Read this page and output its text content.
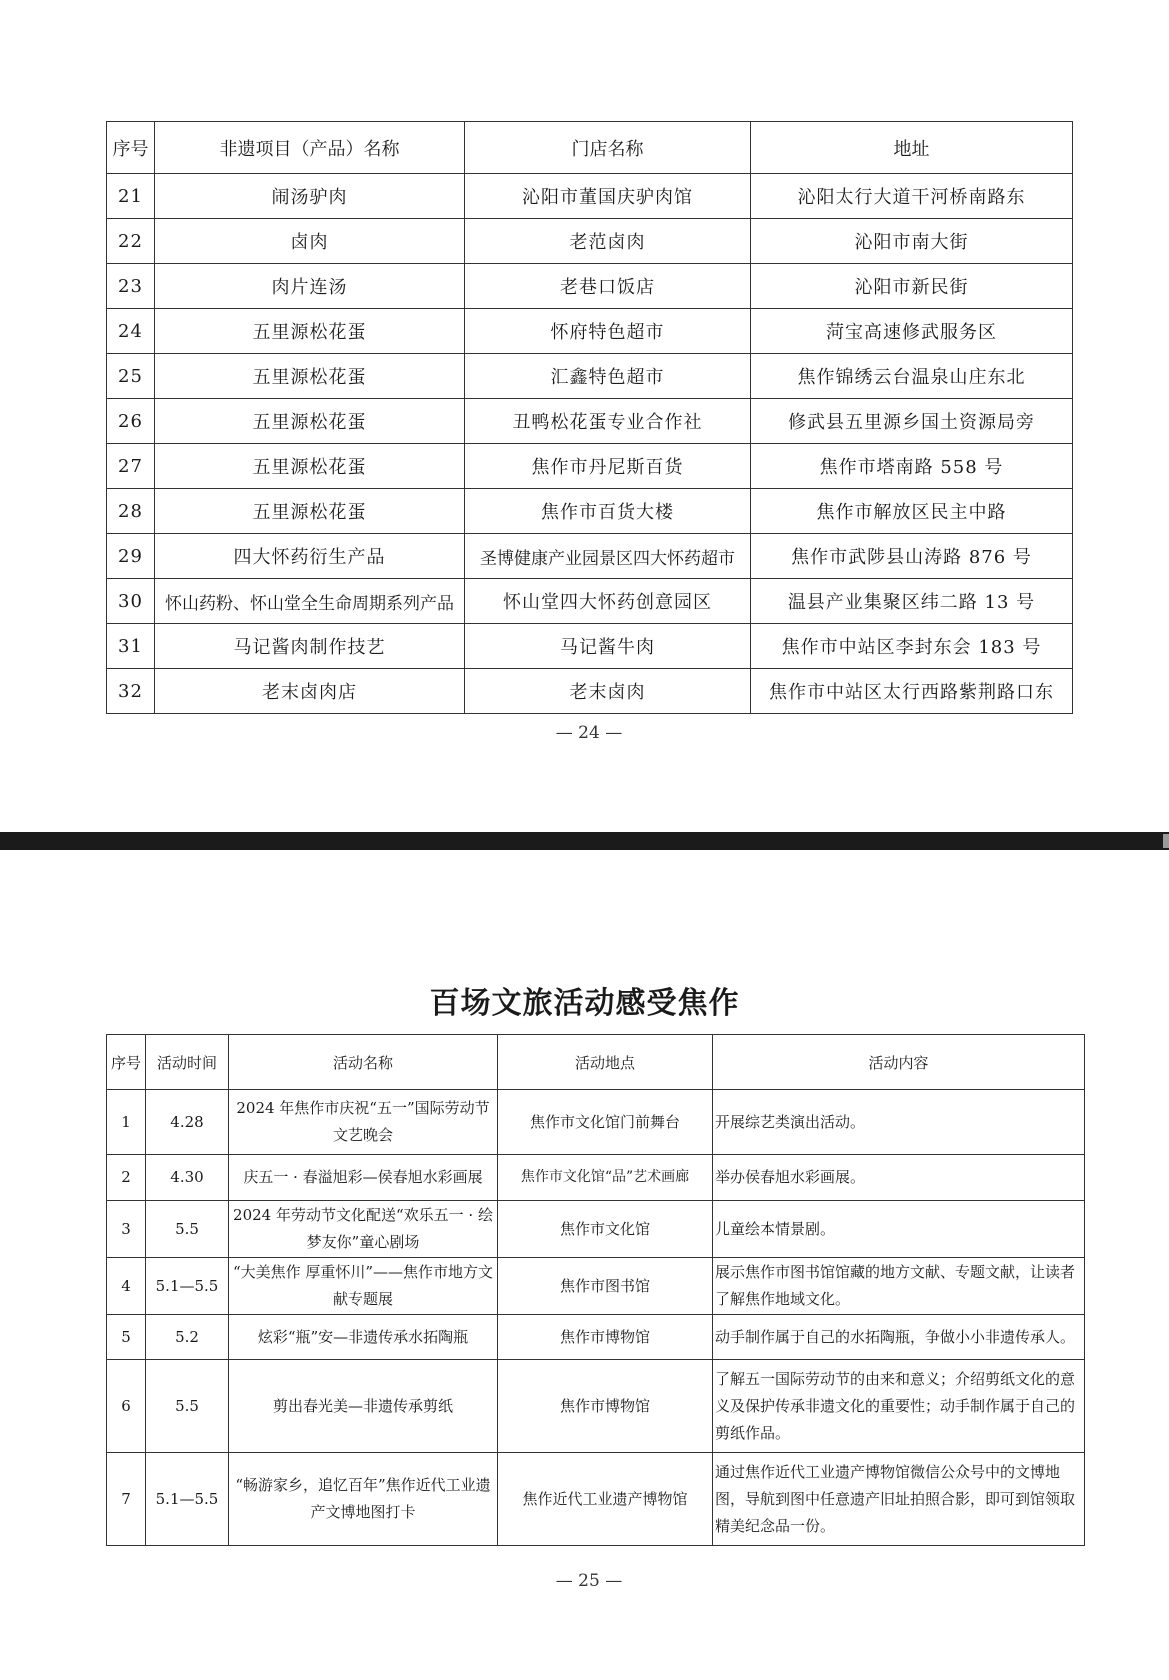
序号	非遗项目（产品）名称	门店名称	地址
21	闹汤驴肉	沁阳市董国庆驴肉馆	沁阳太行大道干河桥南路东
22	卤肉	老范卤肉	沁阳市南大街
23	肉片连汤	老巷口饭店	沁阳市新民街
24	五里源松花蛋	怀府特色超市	菏宝高速修武服务区
25	五里源松花蛋	汇鑫特色超市	焦作锦绣云台温泉山庄东北
26	五里源松花蛋	丑鸭松花蛋专业合作社	修武县五里源乡国土资源局旁
27	五里源松花蛋	焦作市丹尼斯百货	焦作市塔南路 558 号
28	五里源松花蛋	焦作市百货大楼	焦作市解放区民主中路
29	四大怀药衍生产品	圣博健康产业园景区四大怀药超市	焦作市武陟县山涛路 876 号
30	怀山药粉、怀山堂全生命周期系列产品	怀山堂四大怀药创意园区	温县产业集聚区纬二路 13 号
31	马记酱肉制作技艺	马记酱牛肉	焦作市中站区李封东会 183 号
32	老末卤肉店	老末卤肉	焦作市中站区太行西路紫荆路口东
— 24 —
百场文旅活动感受焦作
序号	活动时间	活动名称	活动地点	活动内容
1	4.28	2024 年焦作市庆祝“五一”国际劳动节文艺晚会	焦作市文化馆门前舞台	开展综艺类演出活动。
2	4.30	庆五一 · 春溢旭彩—侯春旭水彩画展	焦作市文化馆“品”艺术画廊	举办侯春旭水彩画展。
3	5.5	2024 年劳动节文化配送“欢乐五一 · 绘梦友你”童心剧场	焦作市文化馆	儿童绘本情景剧。
4	5.1—5.5	“大美焦作 厚重怀川”——焦作市地方文献专题展	焦作市图书馆	展示焦作市图书馆馆藏的地方文献、专题文献，让读者了解焦作地域文化。
5	5.2	炫彩“瓶”安—非遗传承水拓陶瓶	焦作市博物馆	动手制作属于自己的水拓陶瓶，争做小小非遗传承人。
6	5.5	剪出春光美—非遗传承剪纸	焦作市博物馆	了解五一国际劳动节的由来和意义；介绍剪纸文化的意义及保护传承非遗文化的重要性；动手制作属于自己的剪纸作品。
7	5.1—5.5	“畅游家乡，追忆百年”焦作近代工业遗产文博地图打卡	焦作近代工业遗产博物馆	通过焦作近代工业遗产博物馆微信公众号中的文博地图，导航到图中任意遗产旧址拍照合影，即可到馆领取精美纪念品一份。
— 25 —
